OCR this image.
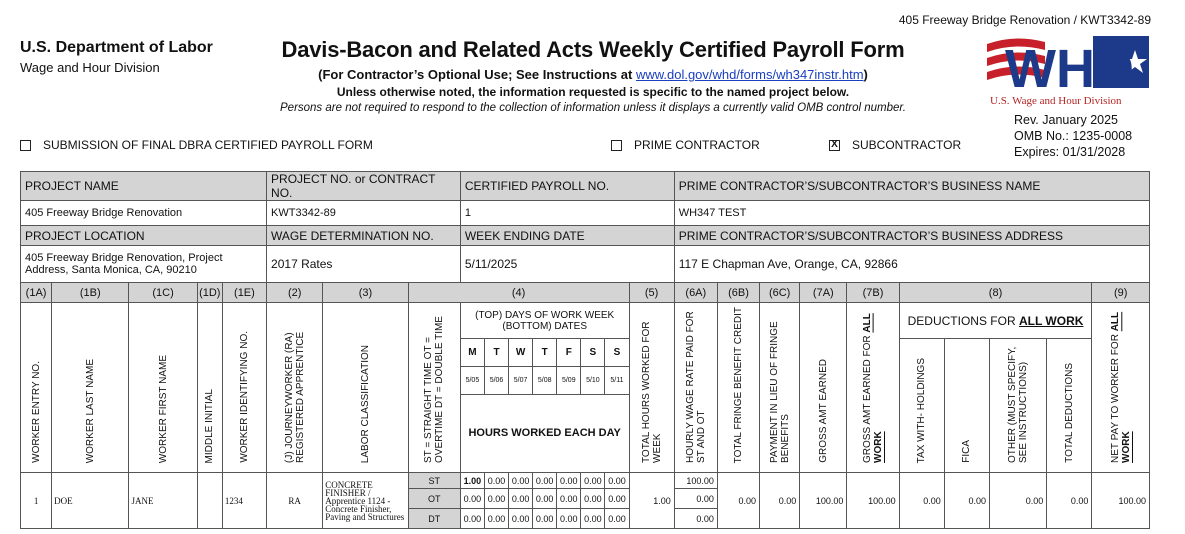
405 Freeway Bridge Renovation / KWT3342-89
U.S. Department of Labor
Wage and Hour Division
Davis-Bacon and Related Acts Weekly Certified Payroll Form
(For Contractor’s Optional Use; See Instructions at www.dol.gov/whd/forms/wh347instr.htm)
Unless otherwise noted, the information requested is specific to the named project below.
Persons are not required to respond to the collection of information unless it displays a currently valid OMB control number.
WHD
U.S. Wage and Hour Division
Rev. January 2025
OMB No.: 1235-0008
Expires: 01/31/2028
SUBMISSION OF FINAL DBRA CERTIFIED PAYROLL FORM	PRIME CONTRACTOR	X SUBCONTRACTOR
PROJECT NAME					PROJECT NO. or CONTRACT NO.			CERTIFIED PAYROLL NO.								PRIME CONTRACTOR’S/SUBCONTRACTOR’S BUSINESS NAME									
405 Freeway Bridge Renovation					KWT3342-89			1								WH347 TEST									
PROJECT LOCATION					WAGE DETERMINATION NO.			WEEK ENDING DATE								PRIME CONTRACTOR’S/SUBCONTRACTOR’S BUSINESS ADDRESS									
405 Freeway Bridge Renovation, Project Address, Santa Monica, CA, 90210					2017 Rates			5/11/2025								117 E Chapman Ave, Orange, CA, 92866									
(1A)	(1B)	(1C)	(1D)	(1E)	(2)	(3)	(4)								(5)	(6A)	(6B)	(6C)	(7A)	(7B)	(8)				(9)
WORKER ENTRY NO.	WORKER LAST NAME	WORKER FIRST NAME	MIDDLE INITIAL	WORKER IDENTIFYING NO.	(J) JOURNEYWORKER (RA) REGISTERED APPRENTICE	LABOR CLASSIFICATION	ST = STRAIGHT TIME OT = OVERTIME DT = DOUBLE TIME	(TOP) DAYS OF WORK WEEK (BOTTOM) DATES							TOTAL HOURS WORKED FOR WEEK	HOURLY WAGE RATE PAID FOR ST AND OT	TOTAL FRINGE BENEFIT CREDIT	PAYMENT IN LIEU OF FRINGE BENEFITS	GROSS AMT EARNED	GROSS AMT EARNED FOR ALL WORK	DEDUCTIONS FOR ALL WORK				NET PAY TO WORKER FOR ALL WORK
								M	T	W	T	F	S	S							TAX WITH- HOLDINGS	FICA	OTHER (MUST SPECIFY, SEE INSTRUCTIONS)	TOTAL DEDUCTIONS	
								5/05	5/06	5/07	5/08	5/09	5/10	5/11											
								HOURS WORKED EACH DAY																	
1	DOE	JANE		1234	RA	CONCRETE FINISHER / Apprentice 1124 - Concrete Finisher, Paving and Structures	ST	1.00	0.00	0.00	0.00	0.00	0.00	0.00	1.00	100.00	0.00	0.00	100.00	100.00	0.00	0.00	0.00	0.00	100.00
							OT	0.00	0.00	0.00	0.00	0.00	0.00	0.00		0.00									
							DT	0.00	0.00	0.00	0.00	0.00	0.00	0.00		0.00									
